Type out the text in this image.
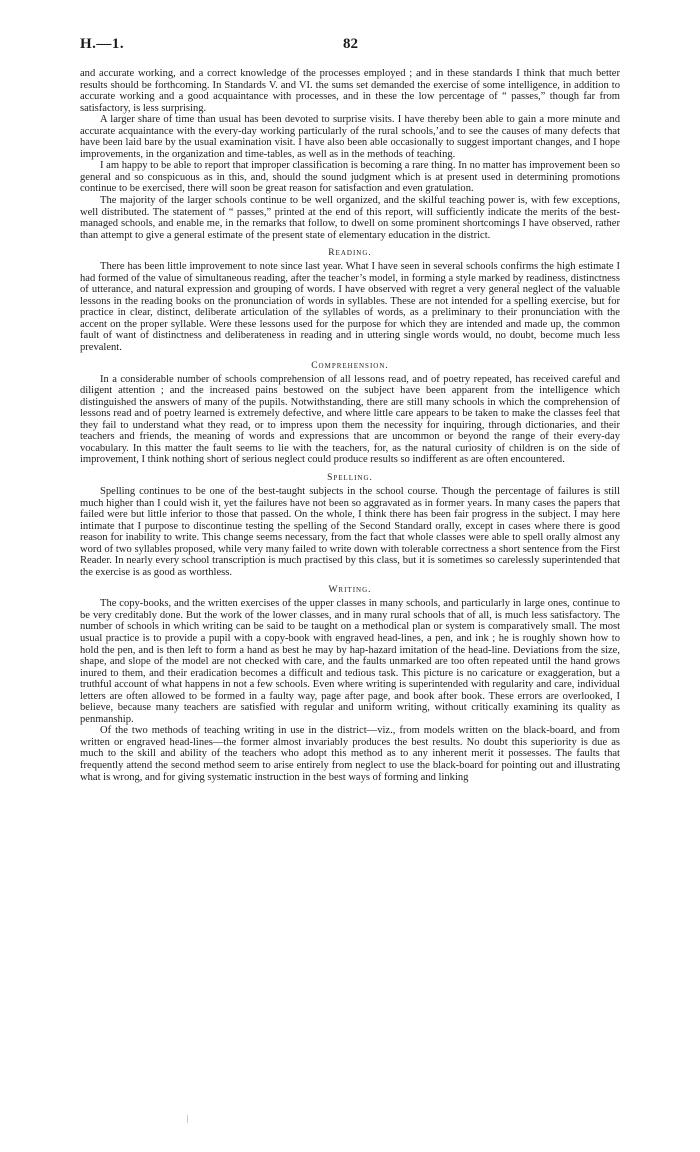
H.—1.	82

and accurate working, and a correct knowledge of the processes employed ; and in these standards I think that much better results should be forthcoming. In Standards V. and VI. the sums set demanded the exercise of some intelligence, in addition to accurate working and a good acquaintance with processes, and in these the low percentage of “ passes,” though far from satisfactory, is less surprising.

A larger share of time than usual has been devoted to surprise visits. I have thereby been able to gain a more minute and accurate acquaintance with the every-day working particularly of the rural schools,’and to see the causes of many defects that have been laid bare by the usual examination visit. I have also been able occasionally to suggest important changes, and I hope improvements, in the organization and time-tables, as well as in the methods of teaching.

I am happy to be able to report that improper classification is becoming a rare thing. In no matter has improvement been so general and so conspicuous as in this, and, should the sound judgment which is at present used in determining promotions continue to be exercised, there will soon be great reason for satisfaction and even gratulation.

The majority of the larger schools continue to be well organized, and the skilful teaching power is, with few exceptions, well distributed. The statement of “ passes,” printed at the end of this report, will sufficiently indicate the merits of the best-managed schools, and enable me, in the remarks that follow, to dwell on some prominent shortcomings I have observed, rather than attempt to give a general estimate of the present state of elementary education in the district.

Reading.

There has been little improvement to note since last year. What I have seen in several schools confirms the high estimate I had formed of the value of simultaneous reading, after the teacher’s model, in forming a style marked by readiness, distinctness of utterance, and natural expression and grouping of words. I have observed with regret a very general neglect of the valuable lessons in the reading books on the pronunciation of words in syllables. These are not intended for a spelling exercise, but for practice in clear, distinct, deliberate articulation of the syllables of words, as a preliminary to their pronunciation with the accent on the proper syllable. Were these lessons used for the purpose for which they are intended and made up, the common fault of want of distinctness and deliberateness in reading and in uttering single words would, no doubt, become much less prevalent.

Comprehension.

In a considerable number of schools comprehension of all lessons read, and of poetry repeated, has received careful and diligent attention ; and the increased pains bestowed on the subject have been apparent from the intelligence which distinguished the answers of many of the pupils. Notwithstanding, there are still many schools in which the comprehension of lessons read and of poetry learned is extremely defective, and where little care appears to be taken to make the classes feel that they fail to understand what they read, or to impress upon them the necessity for inquiring, through dictionaries, and their teachers and friends, the meaning of words and expressions that are uncommon or beyond the range of their every-day vocabulary. In this matter the fault seems to lie with the teachers, for, as the natural curiosity of children is on the side of improvement, I think nothing short of serious neglect could produce results so indifferent as are often encountered.

Spelling.

Spelling continues to be one of the best-taught subjects in the school course. Though the percentage of failures is still much higher than I could wish it, yet the failures have not been so aggravated as in former years. In many cases the papers that failed were but little inferior to those that passed. On the whole, I think there has been fair progress in the subject. I may here intimate that I purpose to discontinue testing the spelling of the Second Standard orally, except in cases where there is good reason for inability to write. This change seems necessary, from the fact that whole classes were able to spell orally almost any word of two syllables proposed, while very many failed to write down with tolerable correctness a short sentence from the First Reader. In nearly every school transcription is much practised by this class, but it is sometimes so carelessly superintended that the exercise is as good as worthless.

Writing.

The copy-books, and the written exercises of the upper classes in many schools, and particularly in large ones, continue to be very creditably done. But the work of the lower classes, and in many rural schools that of all, is much less satisfactory. The number of schools in which writing can be said to be taught on a methodical plan or system is comparatively small. The most usual practice is to provide a pupil with a copy-book with engraved head-lines, a pen, and ink ; he is roughly shown how to hold the pen, and is then left to form a hand as best he may by hap-hazard imitation of the head-line. Deviations from the size, shape, and slope of the model are not checked with care, and the faults unmarked are too often repeated until the hand grows inured to them, and their eradication becomes a difficult and tedious task. This picture is no caricature or exaggeration, but a truthful account of what happens in not a few schools. Even where writing is superintended with regularity and care, individual letters are often allowed to be formed in a faulty way, page after page, and book after book. These errors are overlooked, I believe, because many teachers are satisfied with regular and uniform writing, without critically examining its quality as penmanship.

Of the two methods of teaching writing in use in the district—viz., from models written on the black-board, and from written or engraved head-lines—the former almost invariably produces the best results. No doubt this superiority is due as much to the skill and ability of the teachers who adopt this method as to any inherent merit it possesses. The faults that frequently attend the second method seem to arise entirely from neglect to use the black-board for pointing out and illustrating what is wrong, and for giving systematic instruction in the best ways of forming and linking

|
